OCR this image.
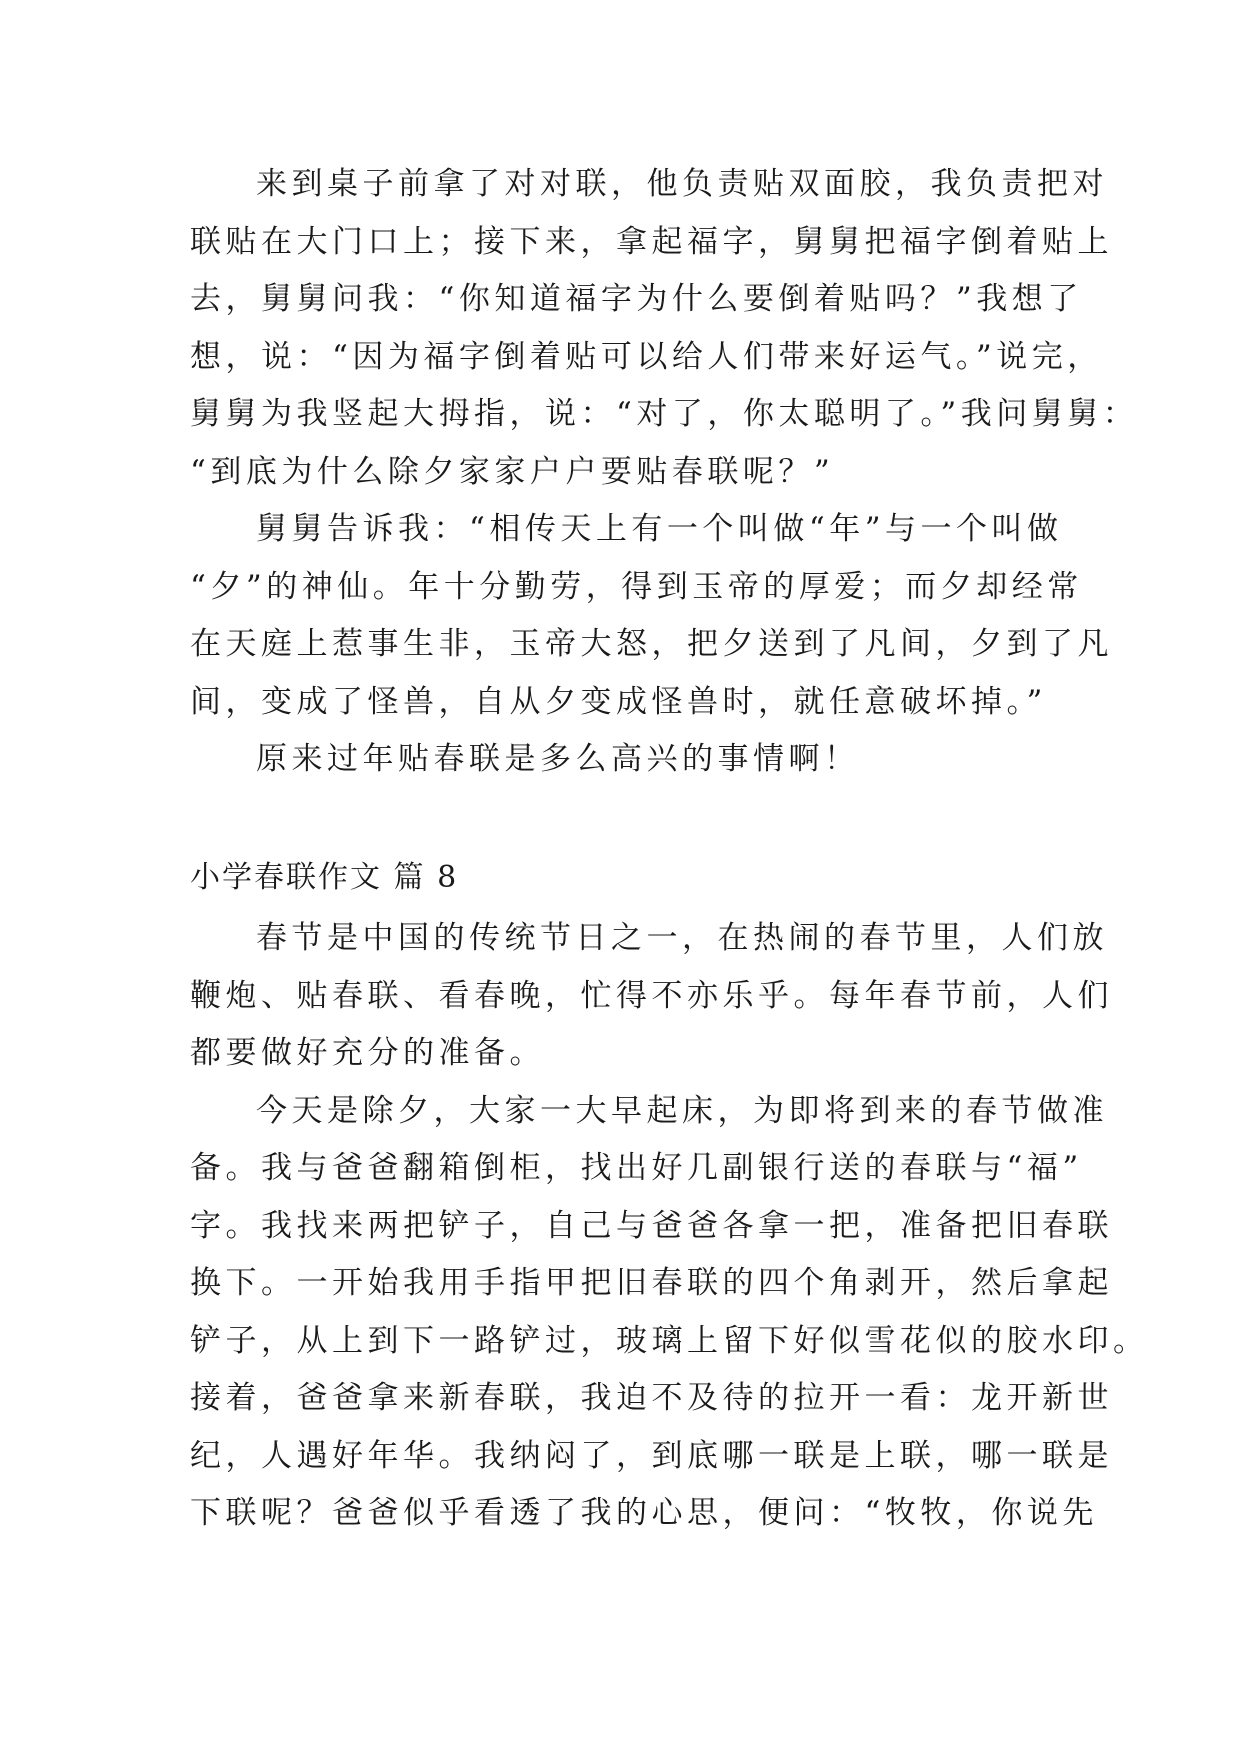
来到桌子前拿了对对联，他负责贴双面胶，我负责把对
联贴在大门口上；接下来，拿起福字，舅舅把福字倒着贴上
去，舅舅问我：“你知道福字为什么要倒着贴吗？”我想了
想，说：“因为福字倒着贴可以给人们带来好运气。”说完，
舅舅为我竖起大拇指，说：“对了，你太聪明了。”我问舅舅：
“到底为什么除夕家家户户要贴春联呢？”
舅舅告诉我：“相传天上有一个叫做“年”与一个叫做
“夕”的神仙。年十分勤劳，得到玉帝的厚爱；而夕却经常
在天庭上惹事生非，玉帝大怒，把夕送到了凡间，夕到了凡
间，变成了怪兽，自从夕变成怪兽时，就任意破坏掉。”
原来过年贴春联是多么高兴的事情啊！
小学春联作文 篇 8
春节是中国的传统节日之一，在热闹的春节里，人们放
鞭炮、贴春联、看春晚，忙得不亦乐乎。每年春节前，人们
都要做好充分的准备。
今天是除夕，大家一大早起床，为即将到来的春节做准
备。我与爸爸翻箱倒柜，找出好几副银行送的春联与“福”
字。我找来两把铲子，自己与爸爸各拿一把，准备把旧春联
换下。一开始我用手指甲把旧春联的四个角剥开，然后拿起
铲子，从上到下一路铲过，玻璃上留下好似雪花似的胶水印。
接着，爸爸拿来新春联，我迫不及待的拉开一看：龙开新世
纪，人遇好年华。我纳闷了，到底哪一联是上联，哪一联是
下联呢？爸爸似乎看透了我的心思，便问：“牧牧，你说先
